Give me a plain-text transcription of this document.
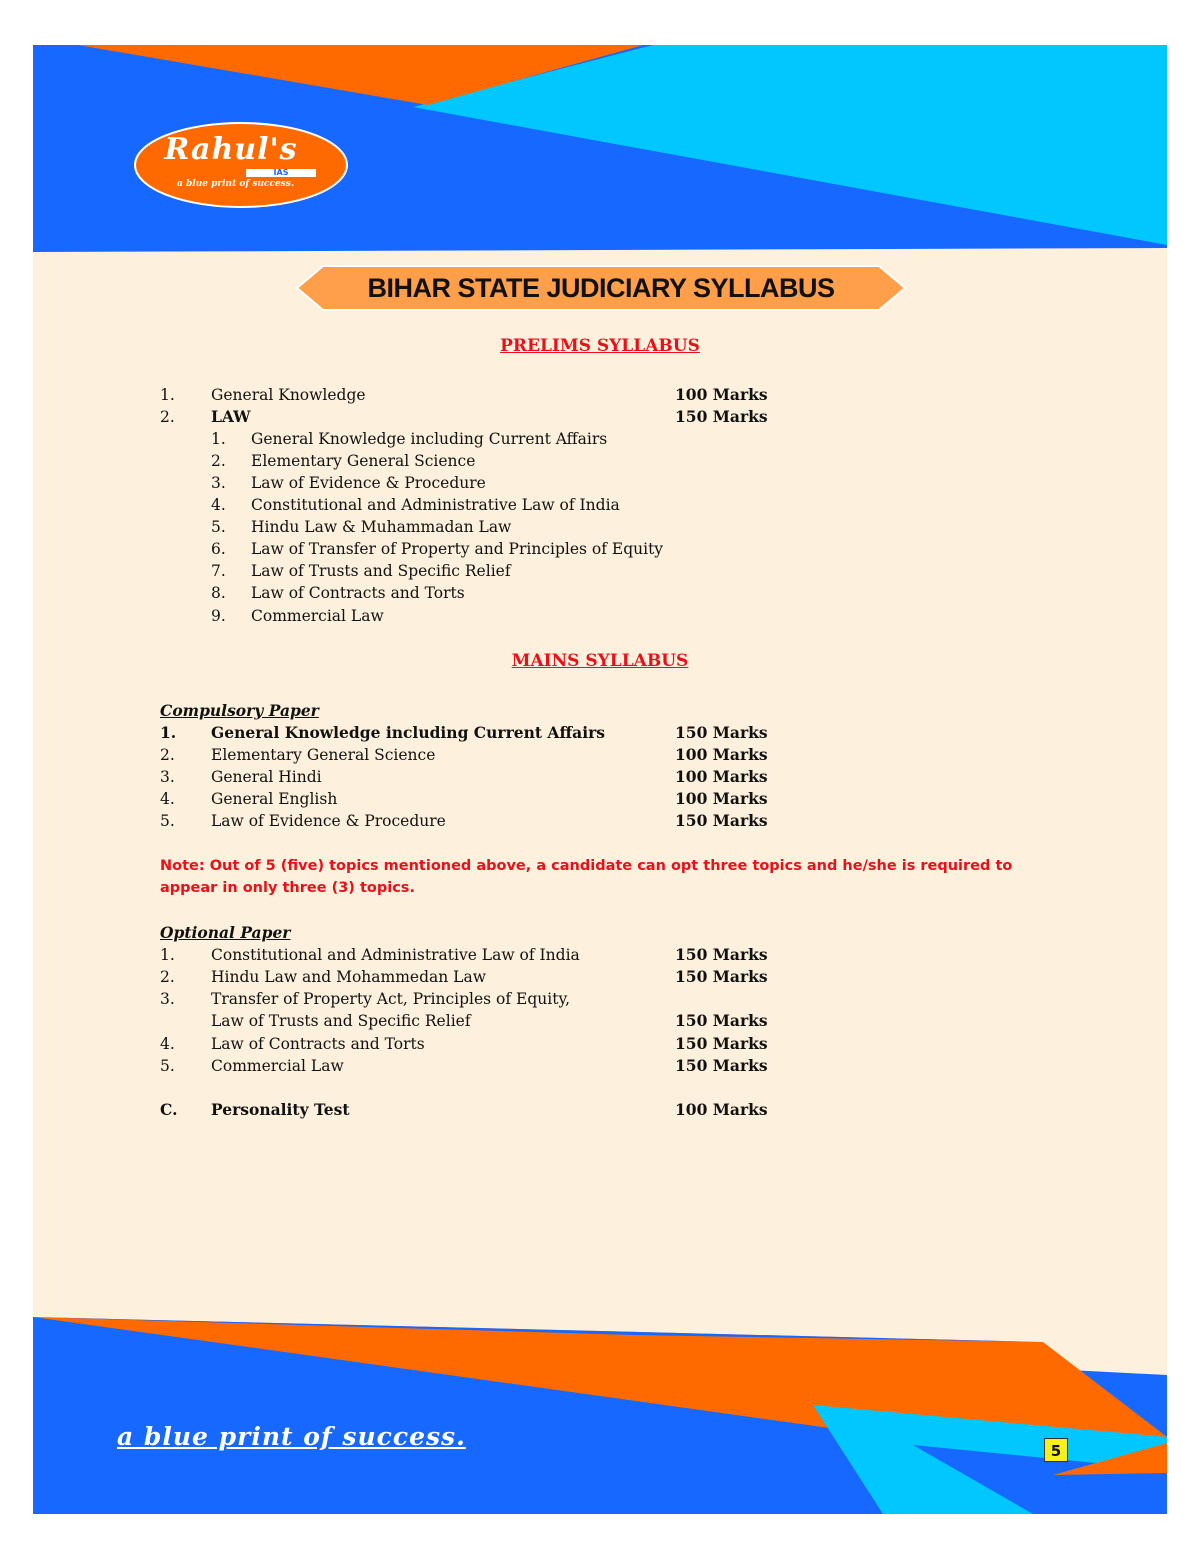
Rahul's
IAS
a blue print of success.
BIHAR STATE JUDICIARY SYLLABUS
PRELIMS SYLLABUS
1. General Knowledge	100 Marks
2. LAW	150 Marks
1. General Knowledge including Current Affairs
2. Elementary General Science
3. Law of Evidence & Procedure
4. Constitutional and Administrative Law of India
5. Hindu Law & Muhammadan Law
6. Law of Transfer of Property and Principles of Equity
7. Law of Trusts and Specific Relief
8. Law of Contracts and Torts
9. Commercial Law
MAINS SYLLABUS
Compulsory Paper
1. General Knowledge including Current Affairs	150 Marks
2. Elementary General Science	100 Marks
3. General Hindi	100 Marks
4. General English	100 Marks
5. Law of Evidence & Procedure	150 Marks
Note: Out of 5 (five) topics mentioned above, a candidate can opt three topics and he/she is required to appear in only three (3) topics.
Optional Paper
1. Constitutional and Administrative Law of India	150 Marks
2. Hindu Law and Mohammedan Law	150 Marks
3. Transfer of Property Act, Principles of Equity,
Law of Trusts and Specific Relief	150 Marks
4. Law of Contracts and Torts	150 Marks
5. Commercial Law	150 Marks
C. Personality Test	100 Marks
a blue print of success.	5
